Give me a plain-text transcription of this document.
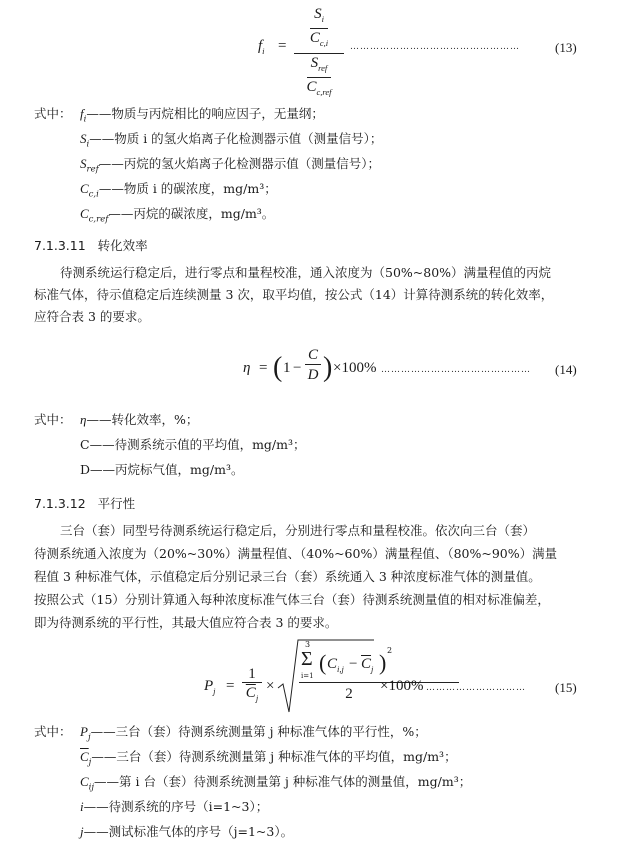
$f_i$ =
$S_i$
$C_{c,i}$
$S_{ref}$
$C_{c,ref}$
……………………………………………	(13)
式中： $f_i——$物质与丙烷相比的响应因子，无量纲；
$S_i——$物质 i 的氢火焰离子化检测器示值（测量信号）；
$S_{ref}——$丙烷的氢火焰离子化检测器示值（测量信号）；
$C_{c,i}——$物质 i 的碳浓度，mg/m³；
$C_{c,ref}——$丙烷的碳浓度，mg/m³。
7.1.3.11 转化效率
待测系统运行稳定后，进行零点和量程校准，通入浓度为（50%~80%）满量程值的丙烷
标准气体，待示值稳定后连续测量 3 次，取平均值，按公式（14）计算待测系统的转化效率，
应符合表 3 的要求。
η = ( 1 −
C
D ) ×100% ……………………………………… (14)
式中： η——转化效率，%；
C——待测系统示值的平均值，mg/m³；
D——丙烷标气值，mg/m³。
7.1.3.12 平行性
三台（套）同型号待测系统运行稳定后，分别进行零点和量程校准。依次向三台（套）
待测系统通入浓度为（20%~30%）满量程值、（40%~60%）满量程值、（80%~90%）满量
程值 3 种标准气体，示值稳定后分别记录三台（套）系统通入 3 种浓度标准气体的测量值。
按照公式（15）分别计算通入每种浓度标准气体三台（套）待测系统测量值的相对标准偏差，
即为待测系统的平行性，其最大值应符合表 3 的要求。
$P_j$ =
1
$\overline{C}_j$
×
3
Σ
i=1
( $C_{i,j} - \overline{C}_j$ ) 2
2	×100% ………………………… (15)
式中： $P_j——$三台（套）待测系统测量第 j 种标准气体的平行性，%；
$\overline{C}_j——$三台（套）待测系统测量第 j 种标准气体的平均值，mg/m³；
$C_{ij}——$第 i 台（套）待测系统测量第 j 种标准气体的测量值，mg/m³；
i——待测系统的序号（i=1~3）；
j——测试标准气体的序号（j=1~3）。
